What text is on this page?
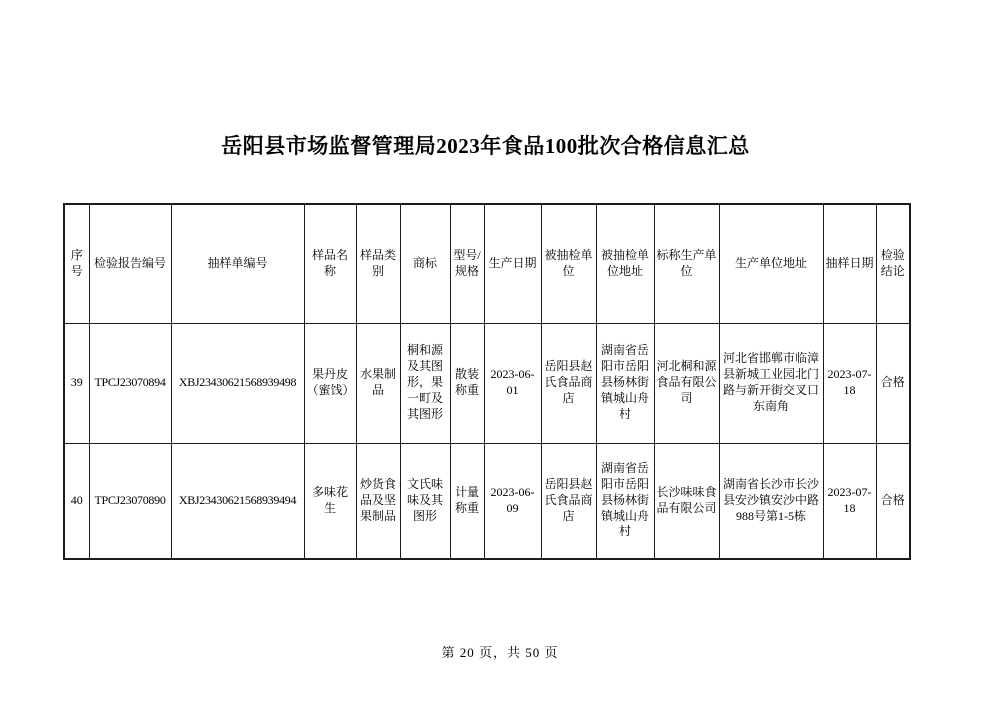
岳阳县市场监督管理局2023年食品100批次合格信息汇总
序号	检验报告编号	抽样单编号	样品名称	样品类别	商标	型号/规格	生产日期	被抽检单位	被抽检单位地址	标称生产单位	生产单位地址	抽样日期	检验结论
39	TPCJ23070894	XBJ23430621568939498	果丹皮（蜜饯）	水果制品	桐和源及其图形，果一町及其图形	散装称重	2023-06-01	岳阳县赵氏食品商店	湖南省岳阳市岳阳县杨林街镇城山舟村	河北桐和源食品有限公司	河北省邯郸市临漳县新城工业园北门路与新开街交叉口东南角	2023-07-18	合格
40	TPCJ23070890	XBJ23430621568939494	多味花生	炒货食品及坚果制品	文氏味味及其图形	计量称重	2023-06-09	岳阳县赵氏食品商店	湖南省岳阳市岳阳县杨林街镇城山舟村	长沙味味食品有限公司	湖南省长沙市长沙县安沙镇安沙中路988号第1-5栋	2023-07-18	合格
第 20 页，共 50 页
